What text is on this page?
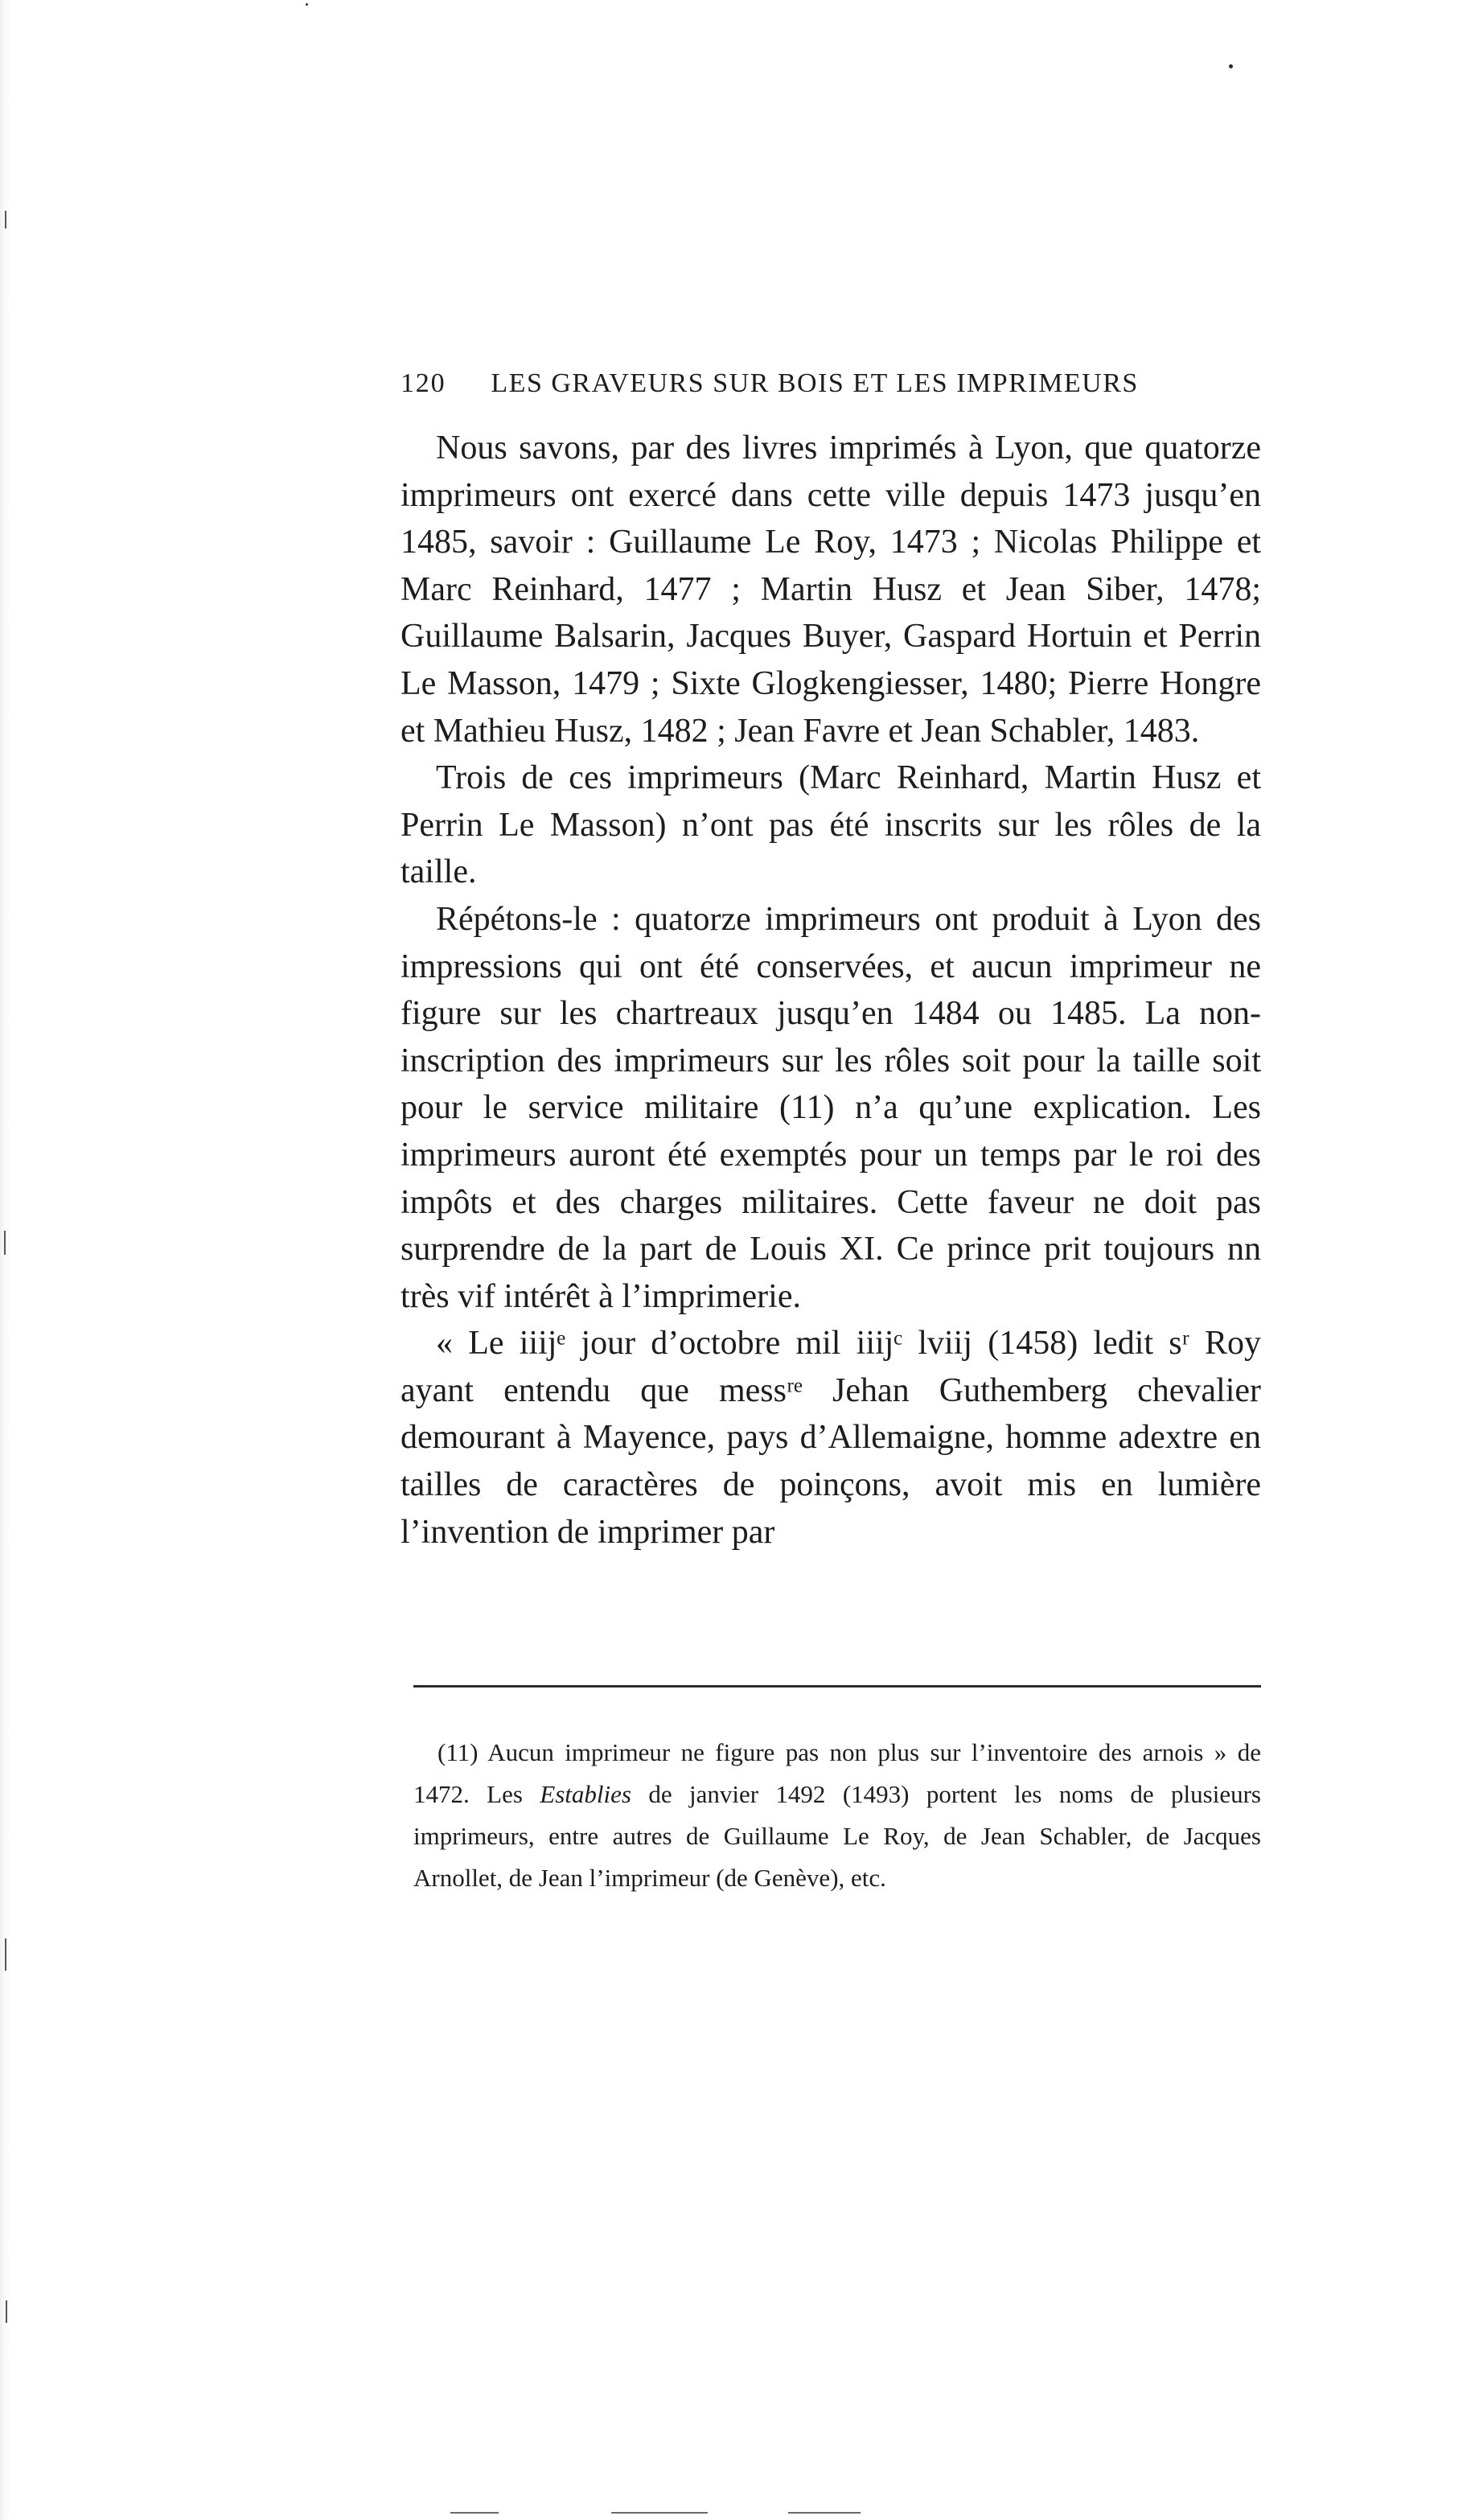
120 LES GRAVEURS SUR BOIS ET LES IMPRIMEURS

Nous savons, par des livres imprimés à Lyon, que quatorze imprimeurs ont exercé dans cette ville depuis 1473 jusqu’en 1485, savoir : Guillaume Le Roy, 1473 ; Nicolas Philippe et Marc Reinhard, 1477 ; Martin Husz et Jean Siber, 1478; Guillaume Balsarin, Jacques Buyer, Gaspard Hortuin et Perrin Le Masson, 1479 ; Sixte Glogkengiesser, 1480; Pierre Hongre et Mathieu Husz, 1482 ; Jean Favre et Jean Schabler, 1483.

Trois de ces imprimeurs (Marc Reinhard, Martin Husz et Perrin Le Masson) n’ont pas été inscrits sur les rôles de la taille.

Répétons-le : quatorze imprimeurs ont produit à Lyon des impressions qui ont été conservées, et aucun imprimeur ne figure sur les chartreaux jusqu’en 1484 ou 1485. La non-inscription des imprimeurs sur les rôles soit pour la taille soit pour le service militaire (11) n’a qu’une explication. Les imprimeurs auront été exemptés pour un temps par le roi des impôts et des charges militaires. Cette faveur ne doit pas surprendre de la part de Louis XI. Ce prince prit toujours nn très vif intérêt à l’imprimerie.

« Le iiijᵉ jour d’octobre mil iiijᶜ lviij (1458) ledit sʳ Roy ayant entendu que messʳᵉ Jehan Guthemberg chevalier demourant à Mayence, pays d’Allemaigne, homme adextre en tailles de caractères de poinçons, avoit mis en lumière l’invention de imprimer par

(11) Aucun imprimeur ne figure pas non plus sur l’inventoire des arnois » de 1472. Les Establies de janvier 1492 (1493) portent les noms de plusieurs imprimeurs, entre autres de Guillaume Le Roy, de Jean Schabler, de Jacques Arnollet, de Jean l’imprimeur (de Genève), etc.
